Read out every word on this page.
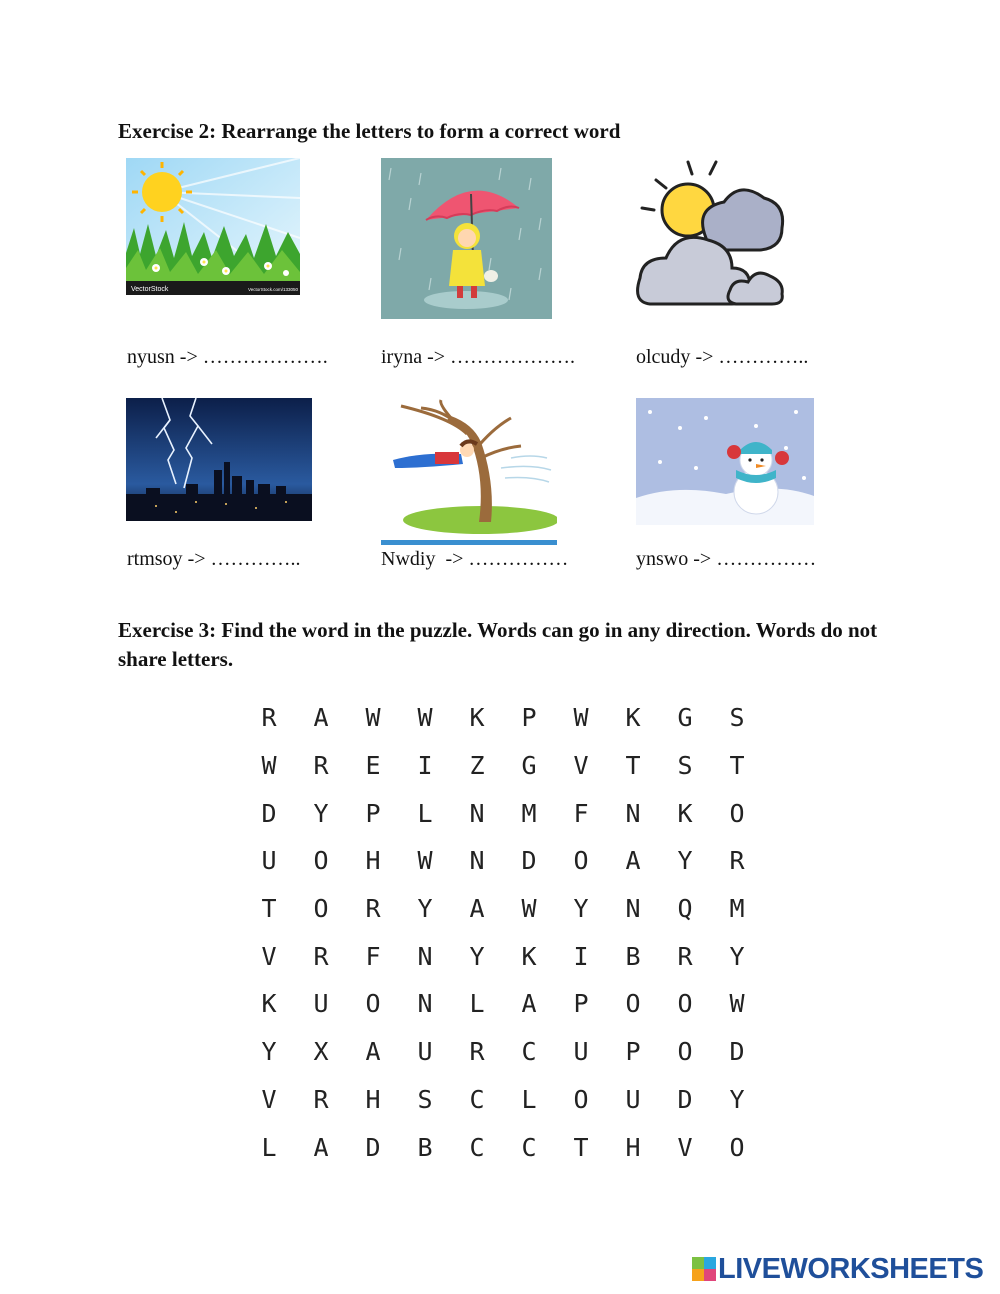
Exercise 2: Rearrange the letters to form a correct word
VectorStock	VectorStock.com/133050
nyusn -> ……………….	iryna -> ……………….	olcudy -> …………..
rtmsoy -> …………..	Nwdiy  -> ……………	ynswo -> ……………
Exercise 3: Find the word in the puzzle. Words can go in any direction. Words do not share letters.
R	A	W	W	K	P	W	K	G	S
W	R	E	I	Z	G	V	T	S	T
D	Y	P	L	N	M	F	N	K	O
U	O	H	W	N	D	O	A	Y	R
T	O	R	Y	A	W	Y	N	Q	M
V	R	F	N	Y	K	I	B	R	Y
K	U	O	N	L	A	P	O	O	W
Y	X	A	U	R	C	U	P	O	D
V	R	H	S	C	L	O	U	D	Y
L	A	D	B	C	C	T	H	V	O
LIVEWORKSHEETS
